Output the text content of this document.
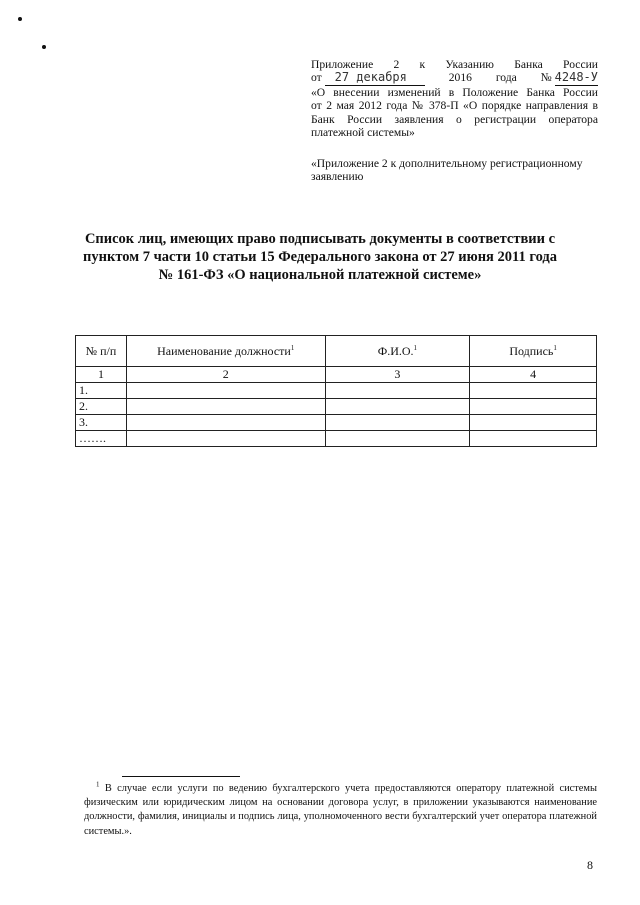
Приложение 2 к Указанию Банка России
от 27 декабря	2016 года № 4248-У
«О внесении изменений в Положение Банка России
от 2 мая 2012 года № 378-П «О порядке направления в
Банк России заявления о регистрации оператора
платежной системы»
«Приложение 2 к дополнительному регистрационному
заявлению
Список лиц, имеющих право подписывать документы в соответствии с
пунктом 7 части 10 статьи 15 Федерального закона от 27 июня 2011 года
№ 161-ФЗ «О национальной платежной системе»
№ п/п	Наименование должности$^1$	Ф.И.О.$^1$	Подпись$^1$
1	2	3	4
1.			
2.			
3.			
…….			
$^1$ В случае если услуги по ведению бухгалтерского учета предоставляются оператору платежной системы физическим или юридическим лицом на основании договора услуг, в приложении указываются наименование должности, фамилия, инициалы и подпись лица, уполномоченного вести бухгалтерский учет оператора платежной системы.».
8
